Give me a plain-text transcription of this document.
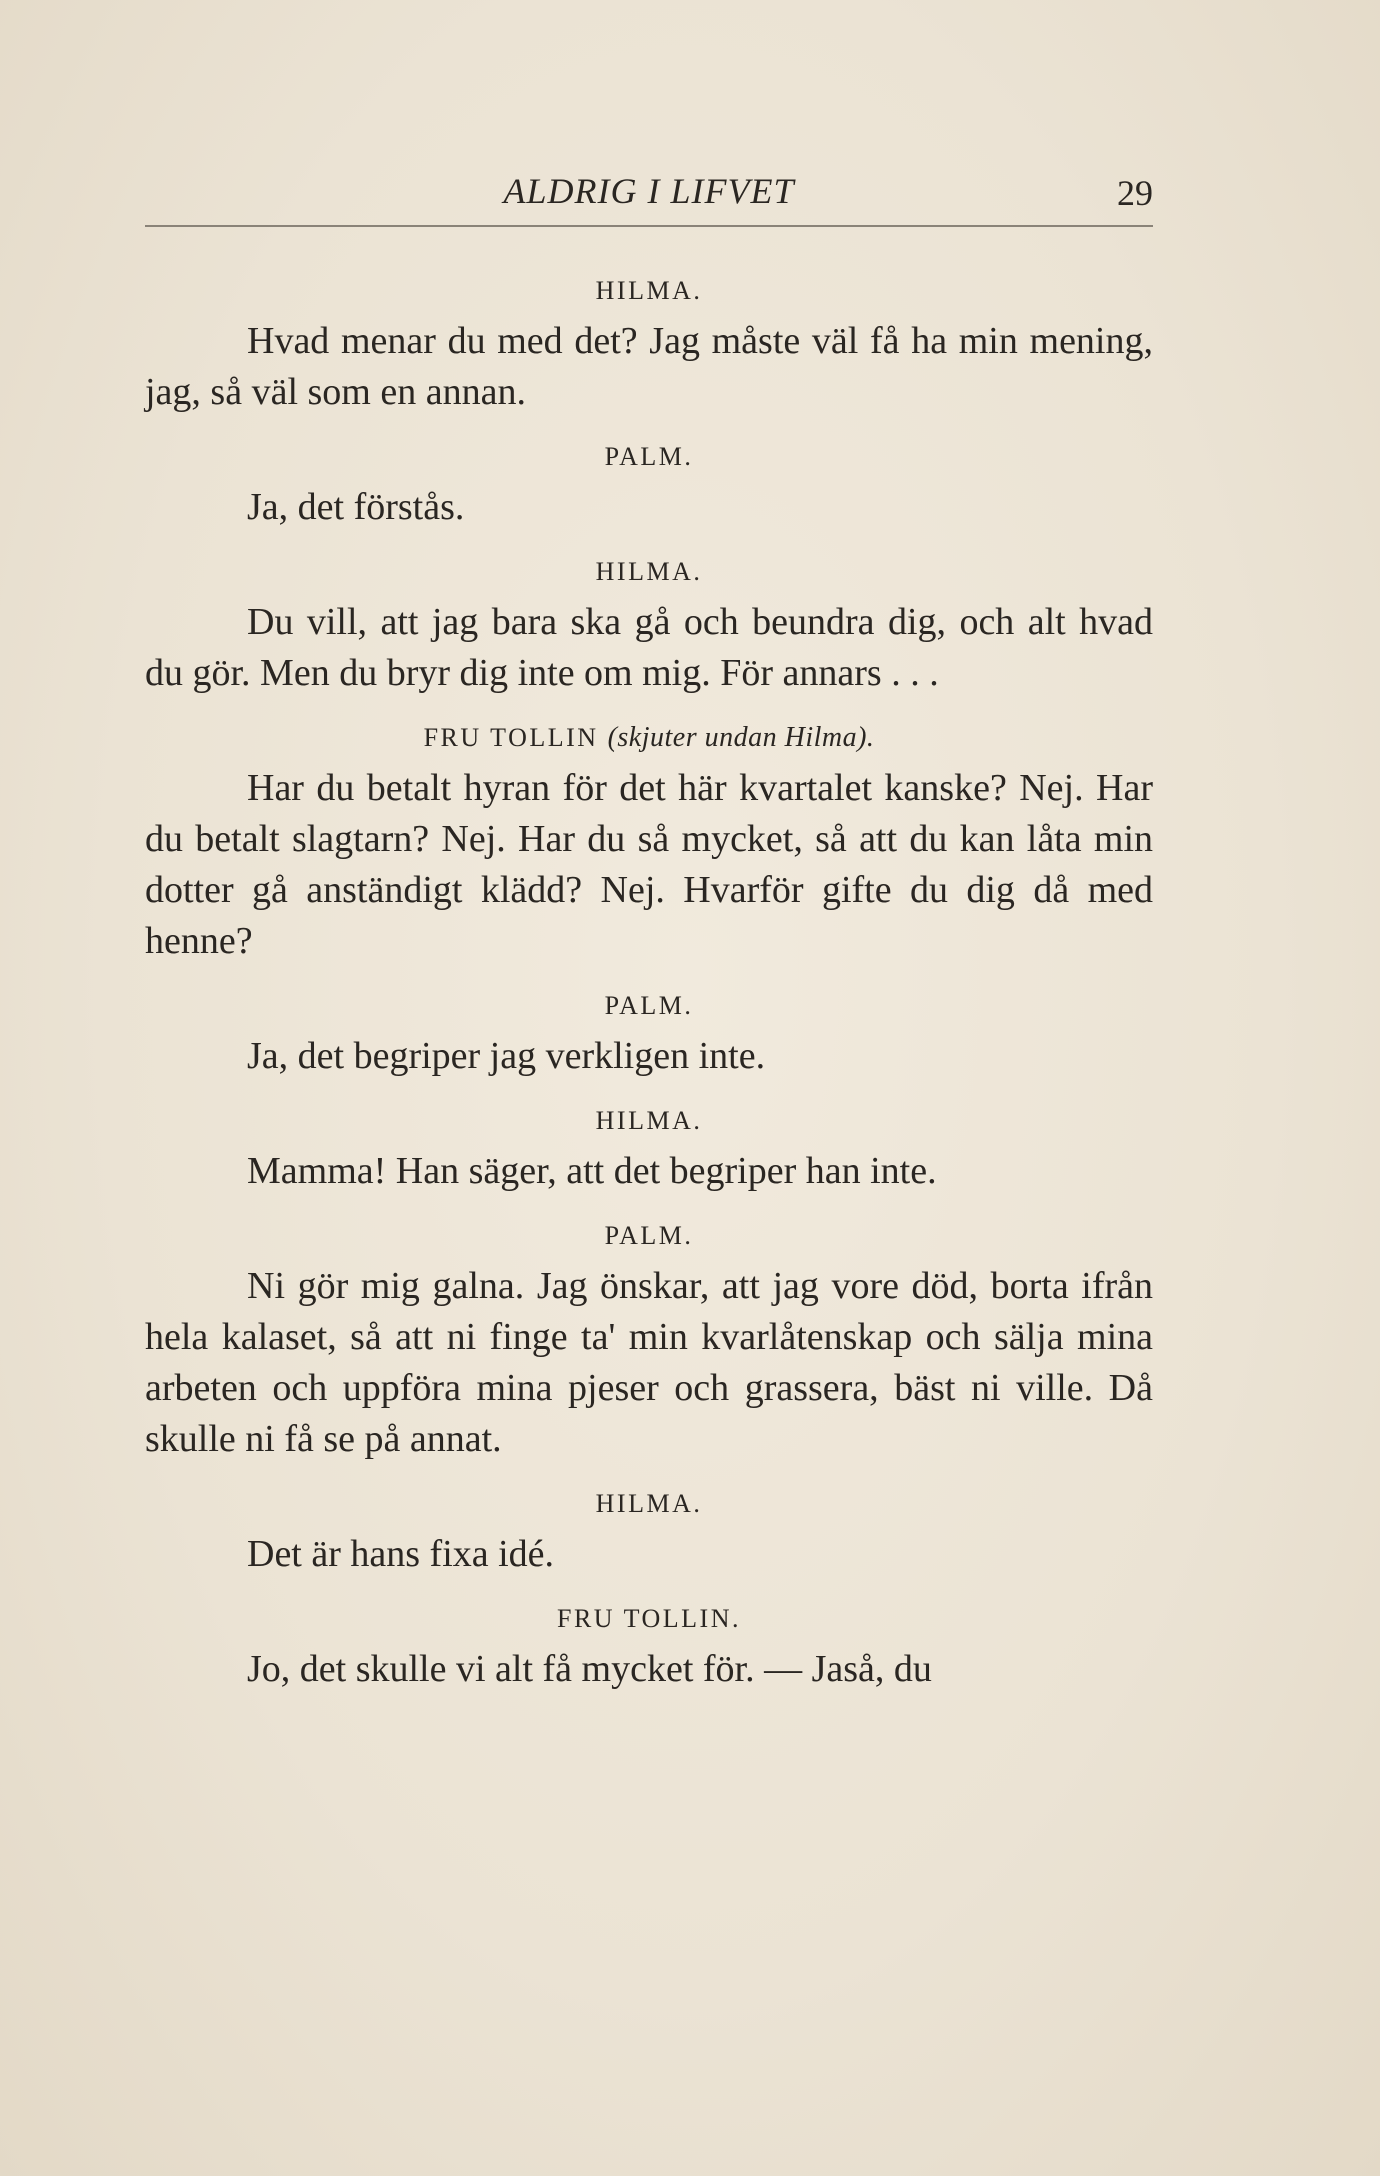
ALDRIG I LIFVET	29
HILMA.

Hvad menar du med det? Jag måste väl få ha min mening, jag, så väl som en annan.

PALM.

Ja, det förstås.

HILMA.

Du vill, att jag bara ska gå och beundra dig, och alt hvad du gör. Men du bryr dig inte om mig. För annars . . .

FRU TOLLIN (skjuter undan Hilma).

Har du betalt hyran för det här kvartalet kanske? Nej. Har du betalt slagtarn? Nej. Har du så mycket, så att du kan låta min dotter gå anständigt klädd? Nej. Hvarför gifte du dig då med henne?

PALM.

Ja, det begriper jag verkligen inte.

HILMA.

Mamma! Han säger, att det begriper han inte.

PALM.

Ni gör mig galna. Jag önskar, att jag vore död, borta ifrån hela kalaset, så att ni finge ta' min kvarlåtenskap och sälja mina arbeten och uppföra mina pjeser och grassera, bäst ni ville. Då skulle ni få se på annat.

HILMA.

Det är hans fixa idé.

FRU TOLLIN.

Jo, det skulle vi alt få mycket för. — Jaså, du
